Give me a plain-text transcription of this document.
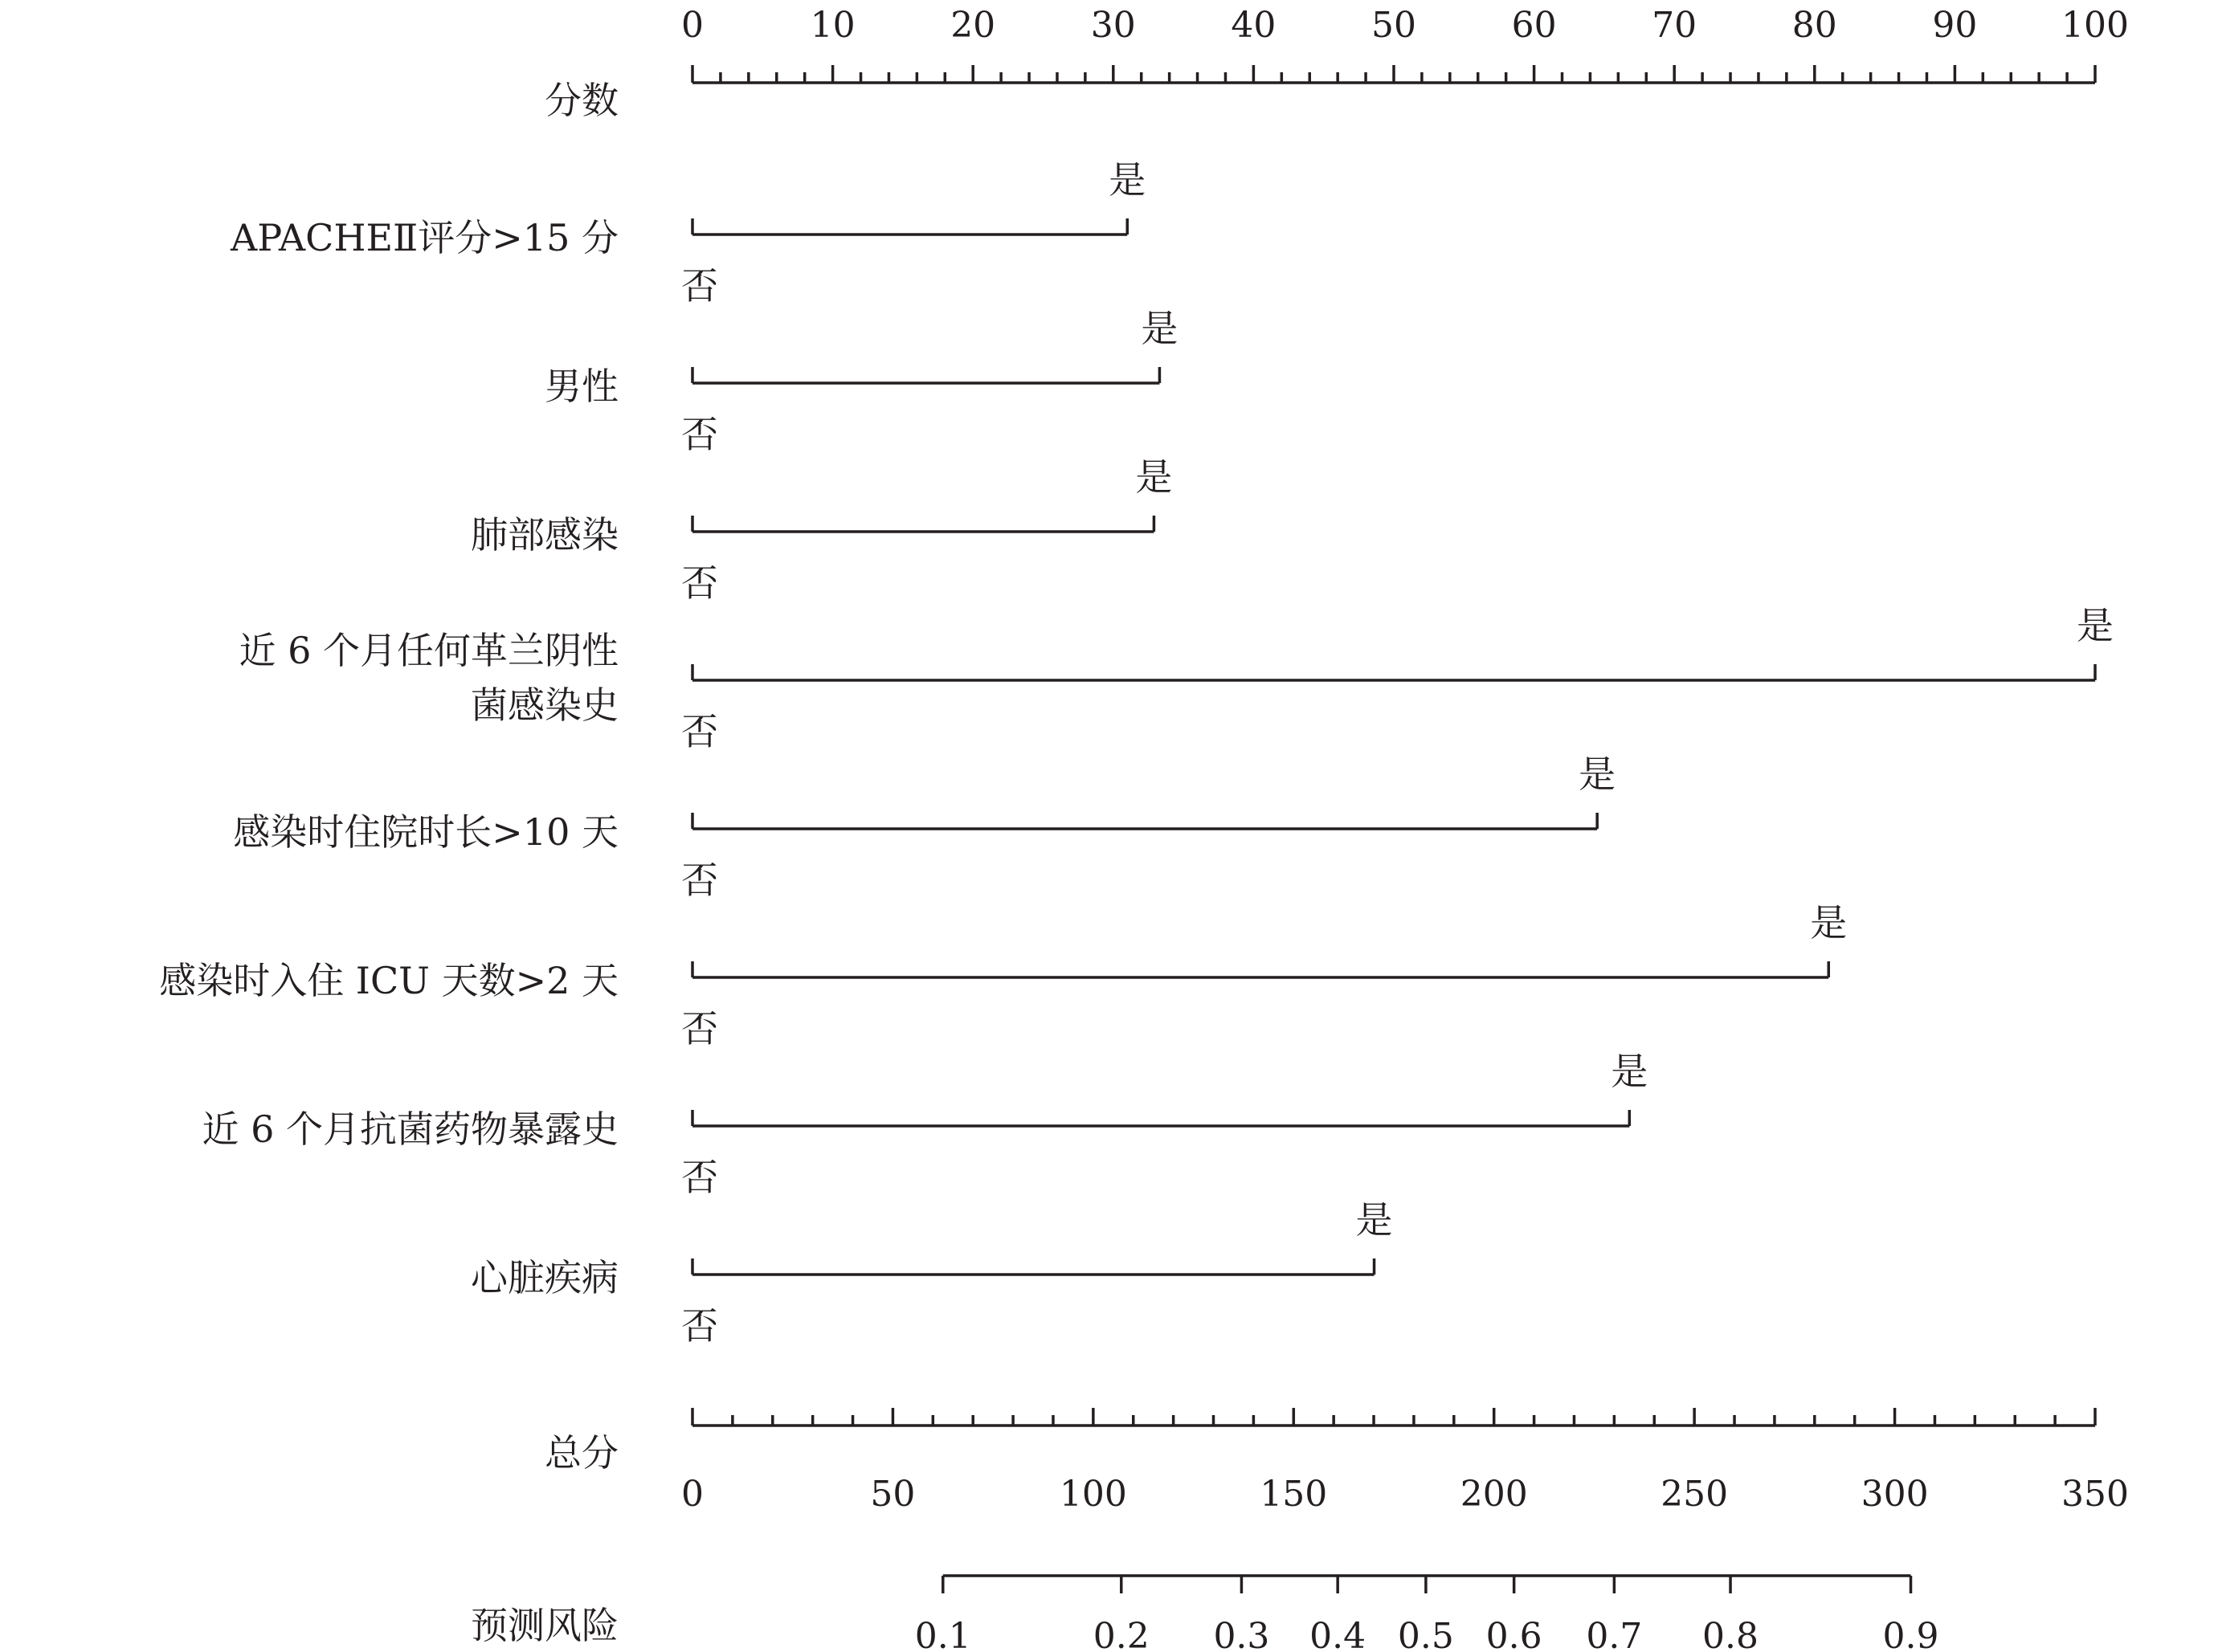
0	10	20	30	40	50	60	70	80	90 100
分数
否
是
APACHEⅡ评分>15 分
否
是
男性
否
是
肺部感染
否
是
近 6 个月任何革兰阴性
菌感染史
否
是
感染时住院时长>10 天
否
是
感染时入住 ICU 天数>2 天
否
是
近 6 个月抗菌药物暴露史
否
是
心脏疾病
0	50	100	150	200	250	300	350
总分
0.1	0.2 0.3 0.4 0.5 0.6 0.7 0.8	0.9
预测风险
